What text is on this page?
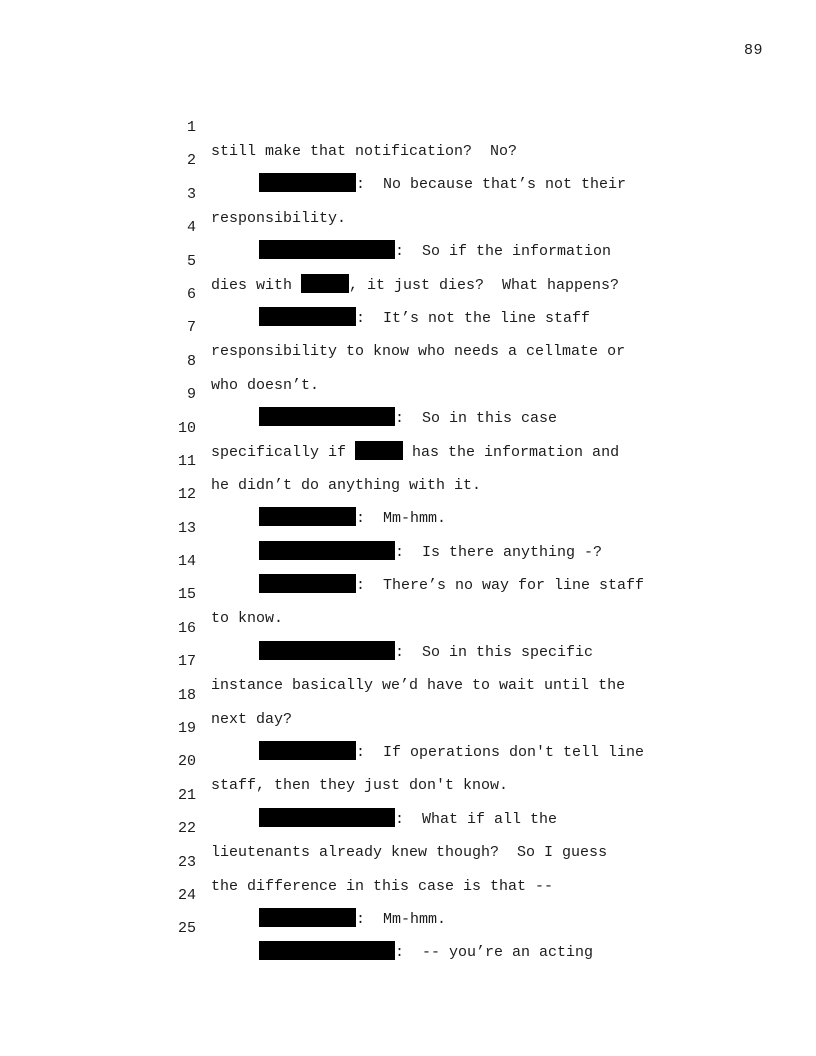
89

1

still make that notification?  No?

2

:  No because that’s not their

3

responsibility.

4

:  So if the information

5

dies with	, it just dies?  What happens?

6

:  It’s not the line staff

7

responsibility to know who needs a cellmate or

8

who doesn’t.

9

:  So in this case

10

specifically if	has the information and

11

he didn’t do anything with it.

12

:  Mm-hmm.

13

:  Is there anything -?

14

:  There’s no way for line staff

15

to know.

16

:  So in this specific

17

instance basically we’d have to wait until the

18

next day?

19

:  If operations don't tell line

20

staff, then they just don't know.

21

:  What if all the

22

lieutenants already knew though?  So I guess

23

the difference in this case is that --

24

:  Mm-hmm.

25

:  -- you’re an acting
